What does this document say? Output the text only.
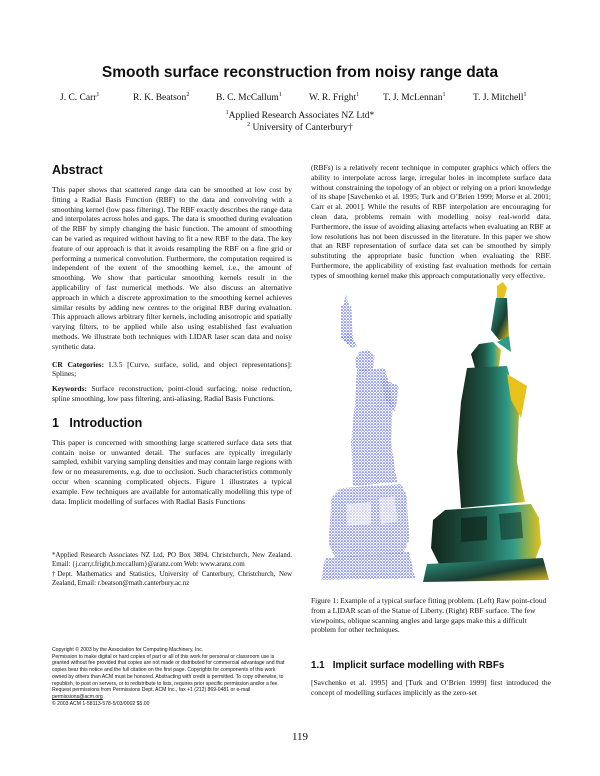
Smooth surface reconstruction from noisy range data
J. C. Carr$^1$	R. K. Beatson$^2$	B. C. McCallum$^1$	W. R. Fright$^1$	T. J. McLennan$^1$	T. J. Mitchell$^1$
$^1$Applied Research Associates NZ Ltd*
$^2$ University of Canterbury†
Abstract
This paper shows that scattered range data can be smoothed at low cost by fitting a Radial Basis Function (RBF) to the data and convolving with a smoothing kernel (low pass filtering). The RBF exactly describes the range data and interpolates across holes and gaps. The data is smoothed during evaluation of the RBF by simply changing the basic function. The amount of smoothing can be varied as required without having to fit a new RBF to the data. The key feature of our approach is that it avoids resampling the RBF on a fine grid or performing a numerical convolution. Furthermore, the computation required is independent of the extent of the smoothing kernel, i.e., the amount of smoothing. We show that particular smoothing kernels result in the applicability of fast numerical methods. We also discuss an alternative approach in which a discrete approximation to the smoothing kernel achieves similar results by adding new centres to the original RBF during evaluation. This approach allows arbitrary filter kernels, including anisotropic and spatially varying filters, to be applied while also using established fast evaluation methods. We illustrate both techniques with LIDAR laser scan data and noisy synthetic data.
CR Categories: I.3.5 [Curve, surface, solid, and object representations]: Splines;
Keywords: Surface reconstruction, point-cloud surfacing, noise reduction, spline smoothing, low pass filtering, anti-aliasing, Radial Basis Functions.
1 Introduction
This paper is concerned with smoothing large scattered surface data sets that contain noise or unwanted detail. The surfaces are typically irregularly sampled, exhibit varying sampling densities and may contain large regions with few or no measurements, e.g. due to occlusion. Such characteristics commonly occur when scanning complicated objects. Figure 1 illustrates a typical example. Few techniques are available for automatically modelling this type of data. Implicit modelling of surfaces with Radial Basis Functions
*Applied Research Associates NZ Ltd, PO Box 3894, Christchurch, New Zealand. Email: {j.carr,r.fright,b.mccallum}@aranz.com Web: www.aranz.com
†Dept. Mathematics and Statistics, University of Canterbury, Christchurch, New Zealand, Email: r.beatson@math.canterbury.ac.nz
Copyright © 2003 by the Association for Computing Machinery, Inc.
Permission to make digital or hard copies of part or all of this work for personal or classroom use is granted without fee provided that copies are not made or distributed for commercial advantage and that copies bear this notice and the full citation on the first page. Copyrights for components of this work owned by others than ACM must be honored. Abstracting with credit is permitted. To copy otherwise, to republish, to post on servers, or to redistribute to lists, requires prior specific permission and/or a fee. Request permissions from Permissions Dept, ACM Inc., fax +1 (212) 869-0481 or e-mail
permissions@acm.org
© 2003 ACM 1-58113-578-5/03/0002 $5.00
(RBFs) is a relatively recent technique in computer graphics which offers the ability to interpolate across large, irregular holes in incomplete surface data without constraining the topology of an object or relying on a priori knowledge of its shape [Savchenko et al. 1995; Turk and O’Brien 1999; Morse et al. 2001; Carr et al. 2001]. While the results of RBF interpolation are encouraging for clean data, problems remain with modelling noisy real-world data. Furthermore, the issue of avoiding aliasing artefacts when evaluating an RBF at low resolutions has not been discussed in the literature. In this paper we show that an RBF representation of surface data set can be smoothed by simply substituting the appropriate basic function when evaluating the RBF. Furthermore, the applicability of existing fast evaluation methods for certain types of smoothing kernel make this approach computationally very effective.
Figure 1: Example of a typical surface fitting problem. (Left) Raw point-cloud from a LIDAR scan of the Statue of Liberty. (Right) RBF surface. The few viewpoints, oblique scanning angles and large gaps make this a difficult problem for other techniques.
1.1 Implicit surface modelling with RBFs
[Savchenko et al. 1995] and [Turk and O’Brien 1999] first introduced the concept of modelling surfaces implicitly as the zero-set
119
